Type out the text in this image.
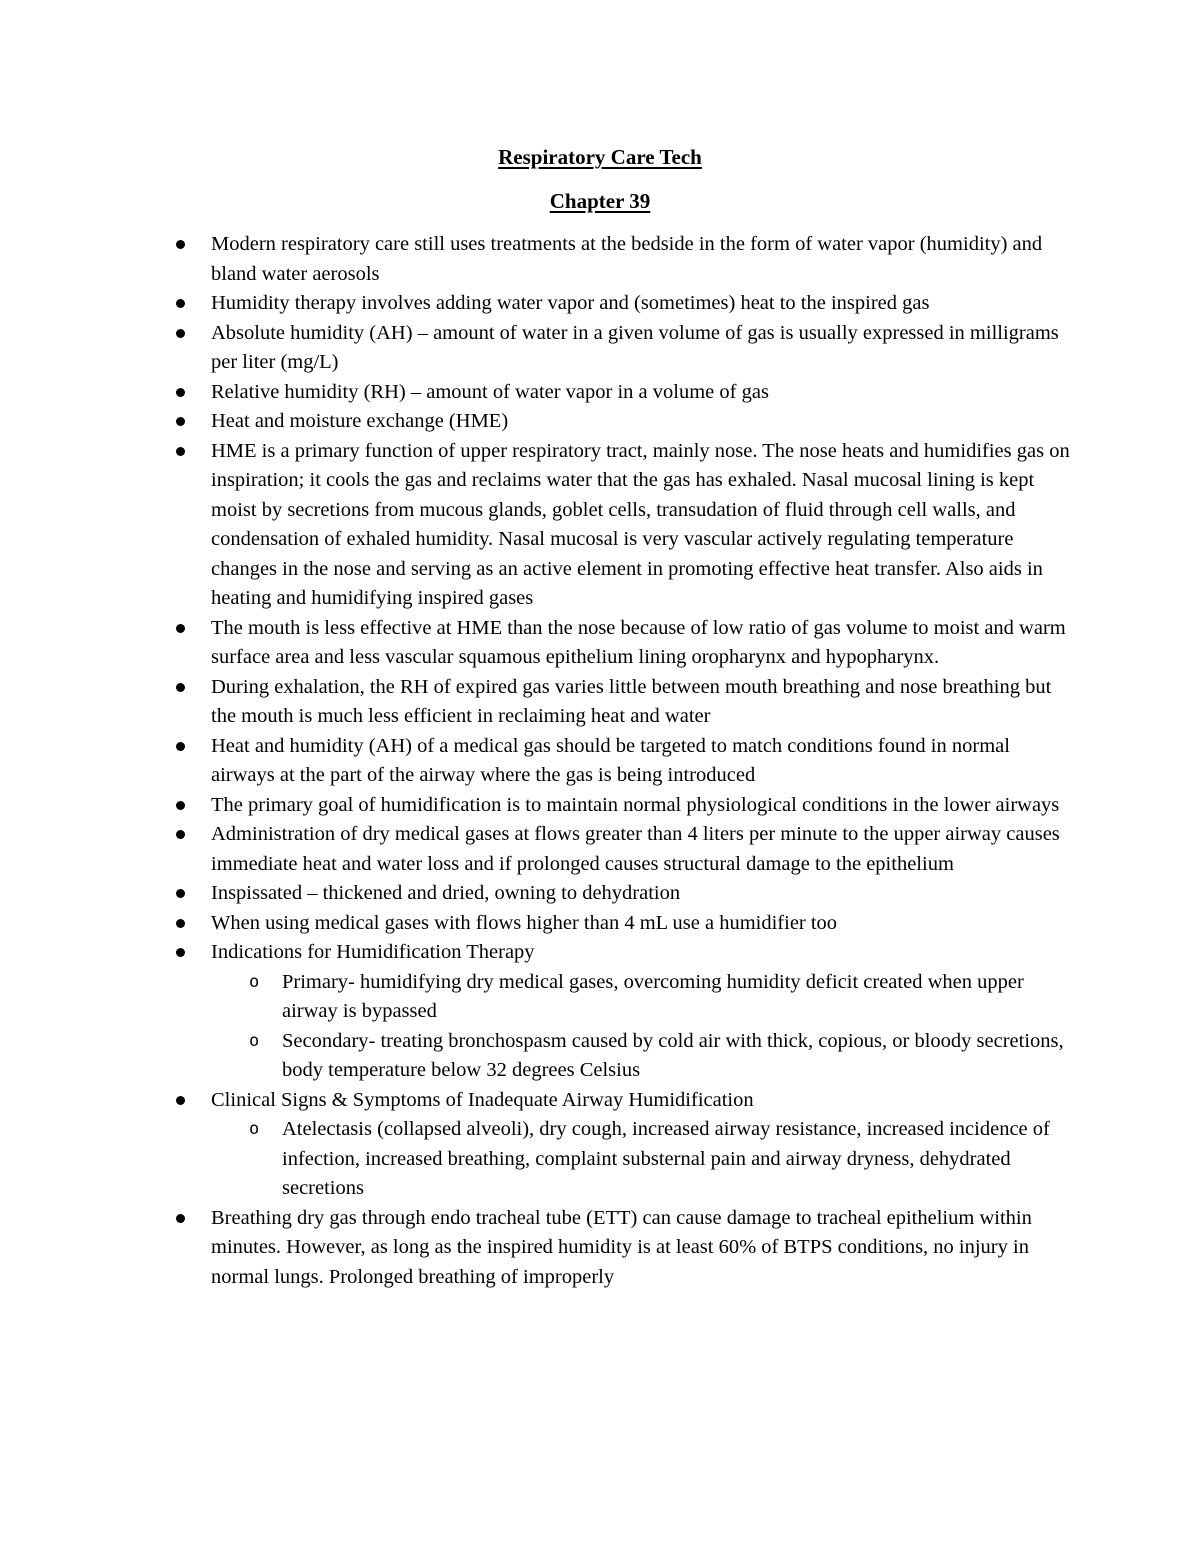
Respiratory Care Tech
Chapter 39
Modern respiratory care still uses treatments at the bedside in the form of water vapor (humidity) and bland water aerosols
Humidity therapy involves adding water vapor and (sometimes) heat to the inspired gas
Absolute humidity (AH) – amount of water in a given volume of gas is usually expressed in milligrams per liter (mg/L)
Relative humidity (RH) – amount of water vapor in a volume of gas
Heat and moisture exchange (HME)
HME is a primary function of upper respiratory tract, mainly nose. The nose heats and humidifies gas on inspiration; it cools the gas and reclaims water that the gas has exhaled. Nasal mucosal lining is kept moist by secretions from mucous glands, goblet cells, transudation of fluid through cell walls, and condensation of exhaled humidity. Nasal mucosal is very vascular actively regulating temperature changes in the nose and serving as an active element in promoting effective heat transfer. Also aids in heating and humidifying inspired gases
The mouth is less effective at HME than the nose because of low ratio of gas volume to moist and warm surface area and less vascular squamous epithelium lining oropharynx and hypopharynx.
During exhalation, the RH of expired gas varies little between mouth breathing and nose breathing but the mouth is much less efficient in reclaiming heat and water
Heat and humidity (AH) of a medical gas should be targeted to match conditions found in normal airways at the part of the airway where the gas is being introduced
The primary goal of humidification is to maintain normal physiological conditions in the lower airways
Administration of dry medical gases at flows greater than 4 liters per minute to the upper airway causes immediate heat and water loss and if prolonged causes structural damage to the epithelium
Inspissated – thickened and dried, owning to dehydration
When using medical gases with flows higher than 4 mL use a humidifier too
Indications for Humidification Therapy
o Primary- humidifying dry medical gases, overcoming humidity deficit created when upper airway is bypassed
o Secondary- treating bronchospasm caused by cold air with thick, copious, or bloody secretions, body temperature below 32 degrees Celsius
Clinical Signs & Symptoms of Inadequate Airway Humidification
o Atelectasis (collapsed alveoli), dry cough, increased airway resistance, increased incidence of infection, increased breathing, complaint substernal pain and airway dryness, dehydrated secretions
Breathing dry gas through endo tracheal tube (ETT) can cause damage to tracheal epithelium within minutes. However, as long as the inspired humidity is at least 60% of BTPS conditions, no injury in normal lungs. Prolonged breathing of improperly
